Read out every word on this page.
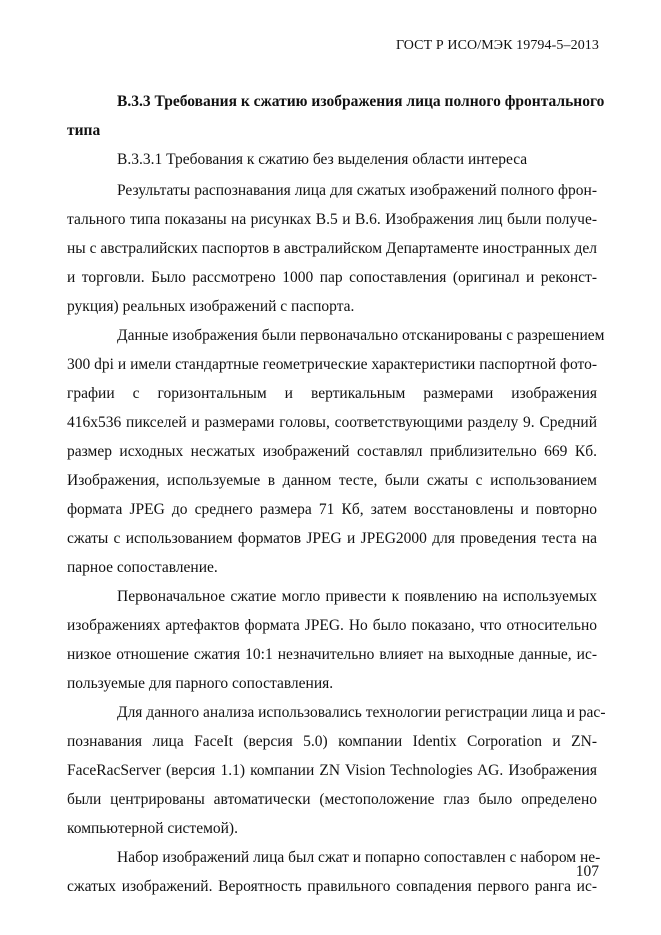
ГОСТ Р ИСО/МЭК 19794-5–2013
В.3.3 Требования к сжатию изображения лица полного фронтального
типа
В.3.3.1 Требования к сжатию без выделения области интереса
Результаты распознавания лица для сжатых изображений полного фрон-
тального типа показаны на рисунках В.5 и В.6. Изображения лиц были получе-
ны с австралийских паспортов в австралийском Департаменте иностранных дел
и торговли. Было рассмотрено 1000 пар сопоставления (оригинал и реконст-
рукция) реальных изображений с паспорта.
Данные изображения были первоначально отсканированы с разрешением
300 dpi и имели стандартные геометрические характеристики паспортной фото-
графии с горизонтальным и вертикальным размерами изображения
416x536 пикселей и размерами головы, соответствующими разделу 9. Средний
размер исходных несжатых изображений составлял приблизительно 669 Кб.
Изображения, используемые в данном тесте, были сжаты с использованием
формата JPEG до среднего размера 71 Кб, затем восстановлены и повторно
сжаты с использованием форматов JPEG и JPEG2000 для проведения теста на
парное сопоставление.
Первоначальное сжатие могло привести к появлению на используемых
изображениях артефактов формата JPEG. Но было показано, что относительно
низкое отношение сжатия 10:1 незначительно влияет на выходные данные, ис-
пользуемые для парного сопоставления.
Для данного анализа использовались технологии регистрации лица и рас-
познавания лица FaceIt (версия 5.0) компании Identix Corporation и ZN-
FaceRacServer (версия 1.1) компании ZN Vision Technologies AG. Изображения
были центрированы автоматически (местоположение глаз было определено
компьютерной системой).
Набор изображений лица был сжат и попарно сопоставлен с набором не-
сжатых изображений. Вероятность правильного совпадения первого ранга ис-
107
